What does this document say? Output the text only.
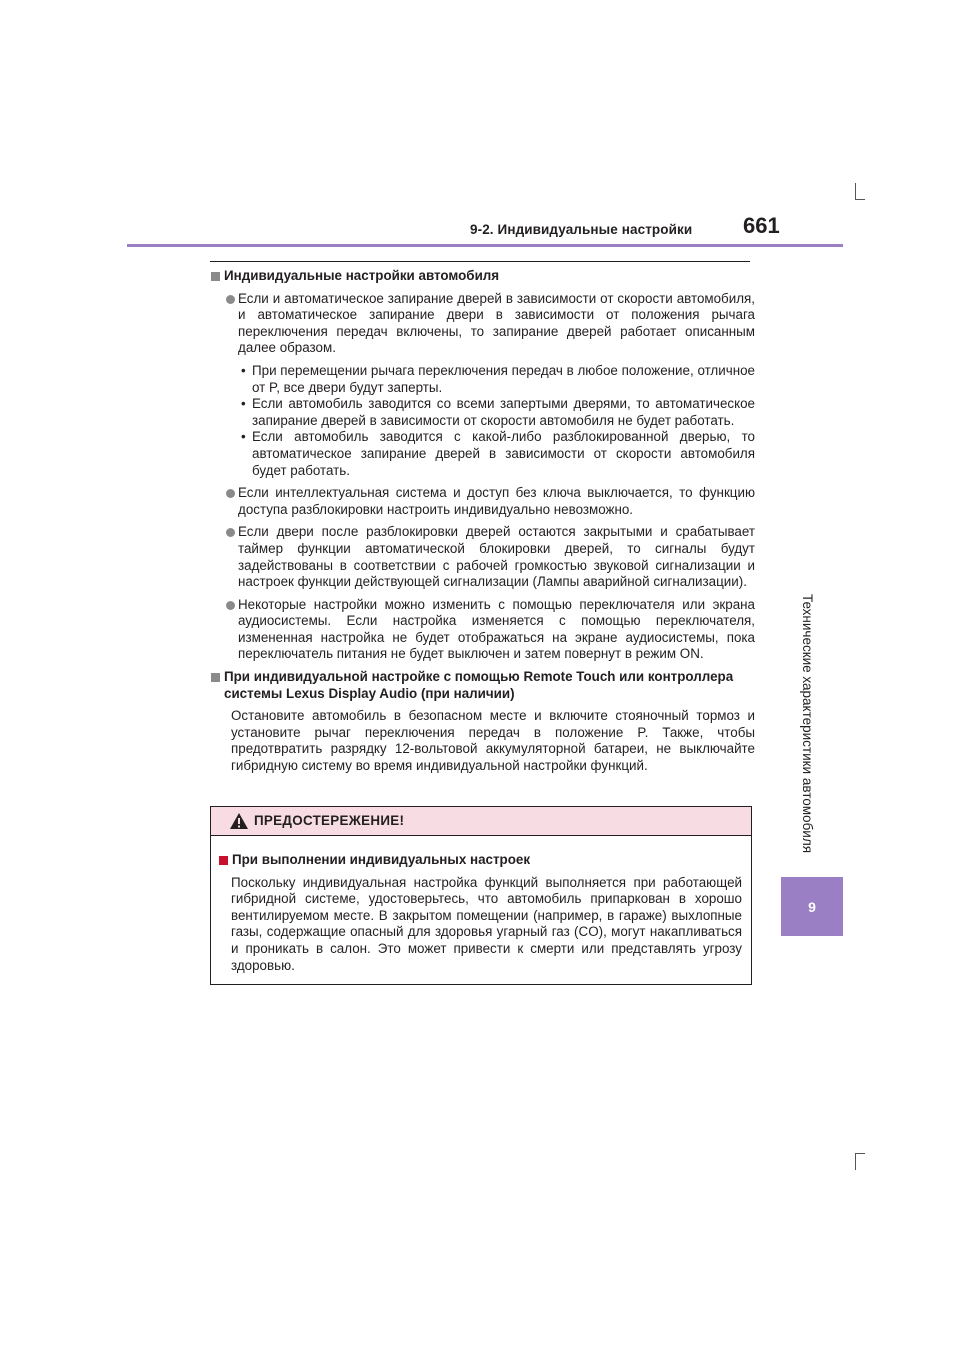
9-2. Индивидуальные настройки 661
Технические характеристики автомобиля
9
Индивидуальные настройки автомобиля
Если и автоматическое запирание дверей в зависимости от скорости автомобиля, и автоматическое запирание двери в зависимости от положения рычага переключения передач включены, то запирание дверей работает описанным далее образом.
• При перемещении рычага переключения передач в любое положение, отличное от P, все двери будут заперты.
• Если автомобиль заводится со всеми запертыми дверями, то автоматическое запирание дверей в зависимости от скорости автомобиля не будет работать.
• Если автомобиль заводится с какой-либо разблокированной дверью, то автоматическое запирание дверей в зависимости от скорости автомобиля будет работать.
Если интеллектуальная система и доступ без ключа выключается, то функцию доступа разблокировки настроить индивидуально невозможно.
Если двери после разблокировки дверей остаются закрытыми и срабатывает таймер функции автоматической блокировки дверей, то сигналы будут задействованы в соответствии с рабочей громкостью звуковой сигнализации и настроек функции действующей сигнализации (Лампы аварийной сигнализации).
Некоторые настройки можно изменить с помощью переключателя или экрана аудиосистемы. Если настройка изменяется с помощью переключателя, измененная настройка не будет отображаться на экране аудиосистемы, пока переключатель питания не будет выключен и затем повернут в режим ON.
При индивидуальной настройке с помощью Remote Touch или контроллера системы Lexus Display Audio (при наличии)
Остановите автомобиль в безопасном месте и включите стояночный тормоз и установите рычаг переключения передач в положение P. Также, чтобы предотвратить разрядку 12-вольтовой аккумуляторной батареи, не выключайте гибридную систему во время индивидуальной настройки функций.
ПРЕДОСТЕРЕЖЕНИЕ!
При выполнении индивидуальных настроек
Поскольку индивидуальная настройка функций выполняется при работающей гибридной системе, удостоверьтесь, что автомобиль припаркован в хорошо вентилируемом месте. В закрытом помещении (например, в гараже) выхлопные газы, содержащие опасный для здоровья угарный газ (CO), могут накапливаться и проникать в салон. Это может привести к смерти или представлять угрозу здоровью.
